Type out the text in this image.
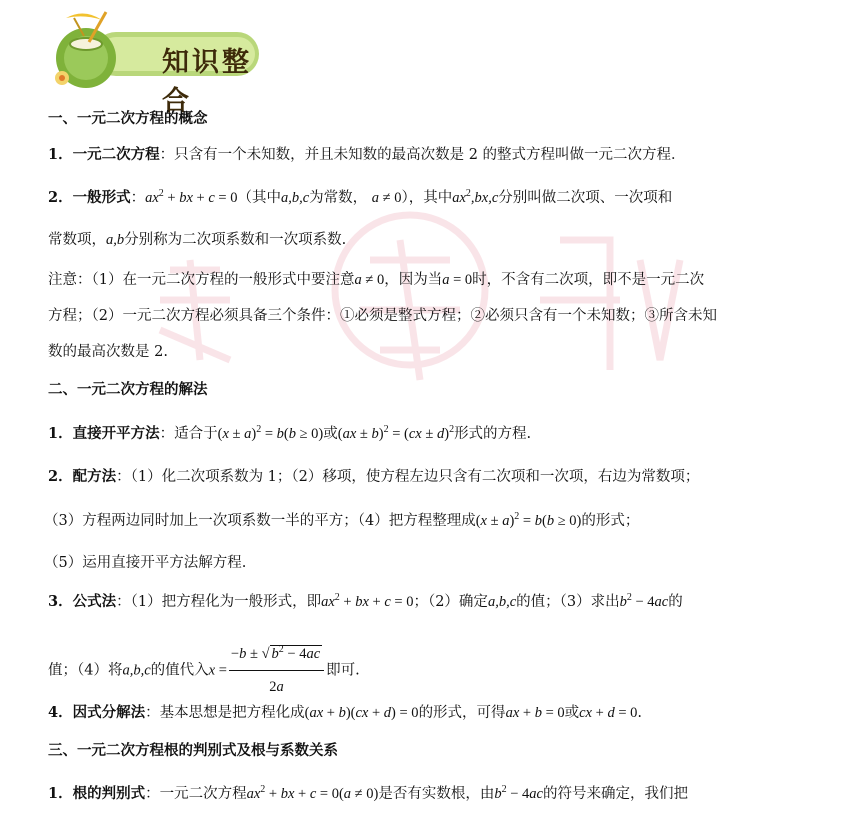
知识整合
一、一元二次方程的概念
1．一元二次方程：只含有一个未知数，并且未知数的最高次数是 2 的整式方程叫做一元二次方程．
2．一般形式：$ax^2$ + bx + c = 0（其中a,b,c为常数， a ≠ 0），其中$ax^2,bx,c$分别叫做二次项、一次项和
常数项，a,b分别称为二次项系数和一次项系数.
注意：（1）在一元二次方程的一般形式中要注意a ≠ 0，因为当a = 0时，不含有二次项，即不是一元二次
方程；（2）一元二次方程必须具备三个条件：①必须是整式方程；②必须只含有一个未知数；③所含未知
数的最高次数是 2.
二、一元二次方程的解法
1．直接开平方法：适合于$(x \pm a)^2 = b(b \ge 0)$或(ax ± b)$^2$ = (cx ± d)$^2$形式的方程.
2．配方法：（1）化二次项系数为 1；（2）移项，使方程左边只含有二次项和一次项，右边为常数项；
（3）方程两边同时加上一次项系数一半的平方；（4）把方程整理成$(x \pm a)^2 = b(b \ge 0)$的形式；
（5）运用直接开平方法解方程.
3．公式法：（1）把方程化为一般形式，即$ax^2$ + bx + c = 0；（2）确定a,b,c的值；（3）求出$b^2 - 4ac$的
值；（4）将a,b,c的值代入$x = \frac{-b \pm √ b^2 - 4ac}{2a}$ 即可.
4．因式分解法：基本思想是把方程化成(ax + b)(cx + d) = 0的形式，可得ax + b = 0或cx + d = 0.
三、一元二次方程根的判别式及根与系数关系
1．根的判别式：一元二次方程$ax^2$ + bx + c = 0(a ≠ 0)是否有实数根，由$b^2 - 4ac$的符号来确定，我们把
